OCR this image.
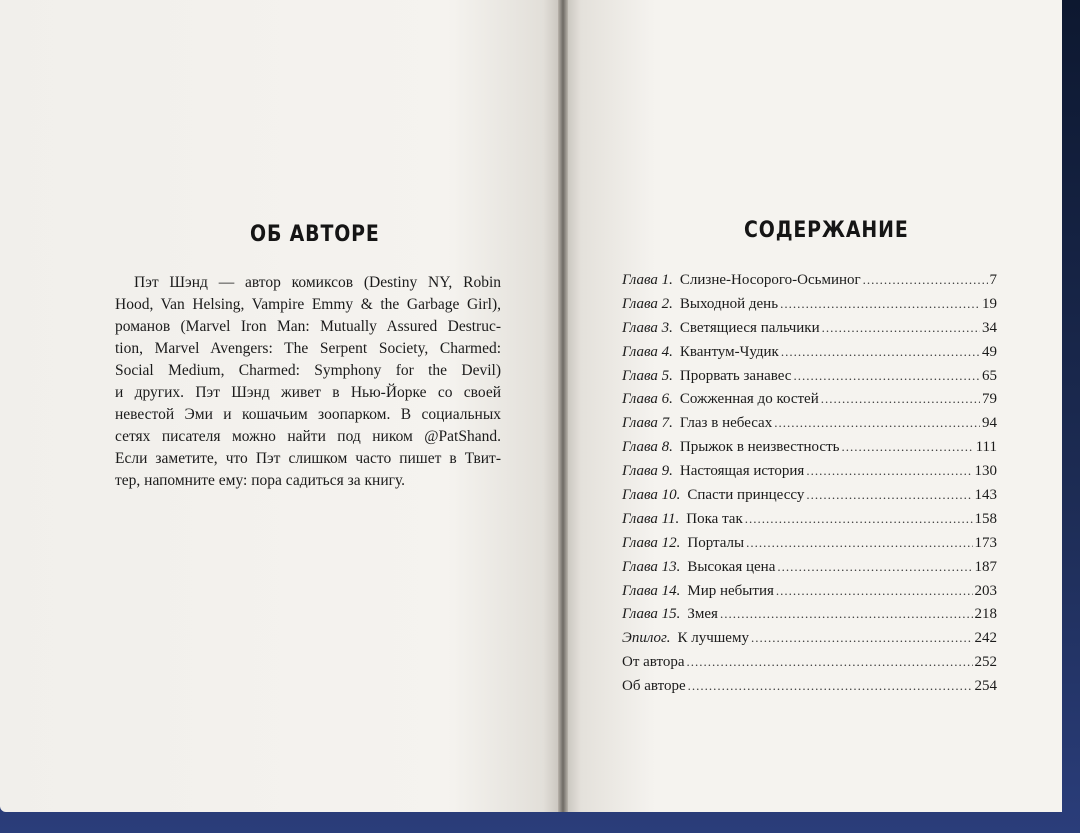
ОБ АВТОРЕ
Пэт Шэнд — автор комиксов (Destiny NY, Robin
Hood, Van Helsing, Vampire Emmy & the Garbage Girl),
романов (Marvel Iron Man: Mutually Assured Destruc-
tion, Marvel Avengers: The Serpent Society, Charmed:
Social Medium, Charmed: Symphony for the Devil)
и других. Пэт Шэнд живет в Нью-Йорке со своей
невестой Эми и кошачьим зоопарком. В социальных
сетях писателя можно найти под ником @PatShand.
Если заметите, что Пэт слишком часто пишет в Твит-
тер, напомните ему: пора садиться за книгу.
СОДЕРЖАНИЕ
Глава 1. Слизне-Носорого-Осьминог .....	7
Глава 2. Выходной день .....	19
Глава 3. Светящиеся пальчики .....	34
Глава 4. Квантум-Чудик .....	49
Глава 5. Прорвать занавес .....	65
Глава 6. Сожженная до костей .....	79
Глава 7. Глаз в небесах .....	94
Глава 8. Прыжок в неизвестность .....	111
Глава 9. Настоящая история .....	130
Глава 10. Спасти принцессу .....	143
Глава 11. Пока так .....	158
Глава 12. Порталы .....	173
Глава 13. Высокая цена .....	187
Глава 14. Мир небытия .....	203
Глава 15. Змея .....	218
Эпилог. К лучшему .....	242
От автора .....	252
Об авторе .....	254
